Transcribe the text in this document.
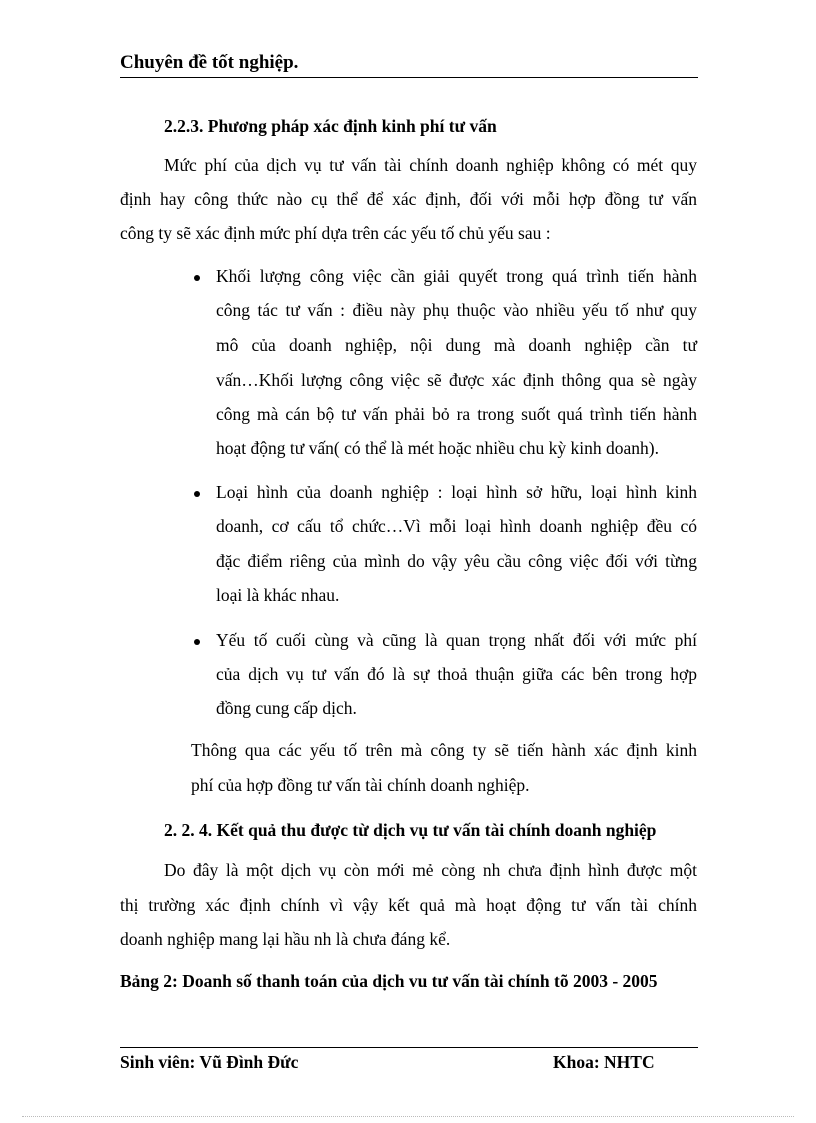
Chuyên đề tốt nghiệp.
2.2.3. Phương pháp xác định kinh phí tư vấn
Mức phí của dịch vụ tư vấn tài chính doanh nghiệp không có mét quy
định hay công thức nào cụ thể để xác định, đối với mỗi hợp đồng tư vấn
công ty sẽ xác định mức phí dựa trên các yếu tố chủ yếu sau :
Khối lượng công việc cần giải quyết trong quá trình tiến hành
công tác tư vấn : điều này phụ thuộc vào nhiều yếu tố như quy
mô của doanh nghiệp, nội dung mà doanh nghiệp cần tư
vấn…Khối lượng công việc sẽ được xác định thông qua sè ngày
công mà cán bộ tư vấn phải bỏ ra trong suốt quá trình tiến hành
hoạt động tư vấn( có thể là mét hoặc nhiều chu kỳ kinh doanh).
Loại hình của doanh nghiệp : loại hình sở hữu, loại hình kinh
doanh, cơ cấu tổ chức…Vì mỗi loại hình doanh nghiệp đều có
đặc điểm riêng của mình do vậy yêu cầu công việc đối với từng
loại là khác nhau.
Yếu tố cuối cùng và cũng là quan trọng nhất đối với mức phí
của dịch vụ tư vấn đó là sự thoả thuận giữa các bên trong hợp
đồng cung cấp dịch.
Thông qua các yếu tố trên mà công ty sẽ tiến hành xác định kinh
phí của hợp đồng tư vấn tài chính doanh nghiệp.
2. 2. 4. Kết quả thu được từ dịch vụ tư vấn tài chính doanh nghiệp
Do đây là một dịch vụ còn mới mẻ còng nh chưa định hình được một
thị trường xác định chính vì vậy kết quả mà hoạt động tư vấn tài chính
doanh nghiệp mang lại hầu nh là chưa đáng kể.
Bảng 2: Doanh số thanh toán của dịch vu tư vấn tài chính tõ 2003 - 2005
Sinh viên: Vũ Đình Đức	Khoa: NHTC
